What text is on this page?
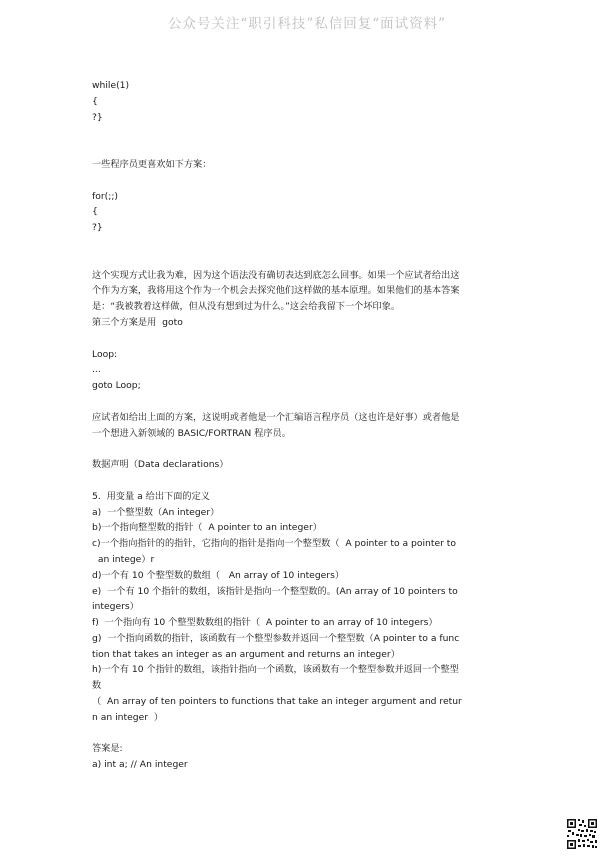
公众号关注“职引科技”私信回复“面试资料”
while(1)
{
?}
一些程序员更喜欢如下方案：
for(;;)
{
?}
这个实现方式让我为难，因为这个语法没有确切表达到底怎么回事。如果一个应试者给出这
个作为方案，我将用这个作为一个机会去探究他们这样做的基本原理。如果他们的基本答案
是：“我被教着这样做，但从没有想到过为什么。”这会给我留下一个坏印象。
第三个方案是用  goto
Loop:
...
goto Loop;
应试者如给出上面的方案，这说明或者他是一个汇编语言程序员（这也许是好事）或者他是
一个想进入新领域的 BASIC/FORTRAN 程序员。
数据声明（Data declarations）
5.  用变量 a 给出下面的定义
a)  一个整型数（An integer）
b)一个指向整型数的指针（  A pointer to an integer）
c)一个指向指针的的指针，它指向的指针是指向一个整型数（  A pointer to a pointer to
an intege）r
d)一个有 10 个整型数的数组（   An array of 10 integers）
e)  一个有 10 个指针的数组，该指针是指向一个整型数的。(An array of 10 pointers to
integers）
f)  一个指向有 10 个整型数数组的指针（  A pointer to an array of 10 integers）
g)  一个指向函数的指针，该函数有一个整型参数并返回一个整型数（A pointer to a func
tion that takes an integer as an argument and returns an integer）
h)一个有 10 个指针的数组，该指针指向一个函数，该函数有一个整型参数并返回一个整型
数
（  An array of ten pointers to functions that take an integer argument and retur
n an integer  ）
答案是:
a) int a; // An integer
